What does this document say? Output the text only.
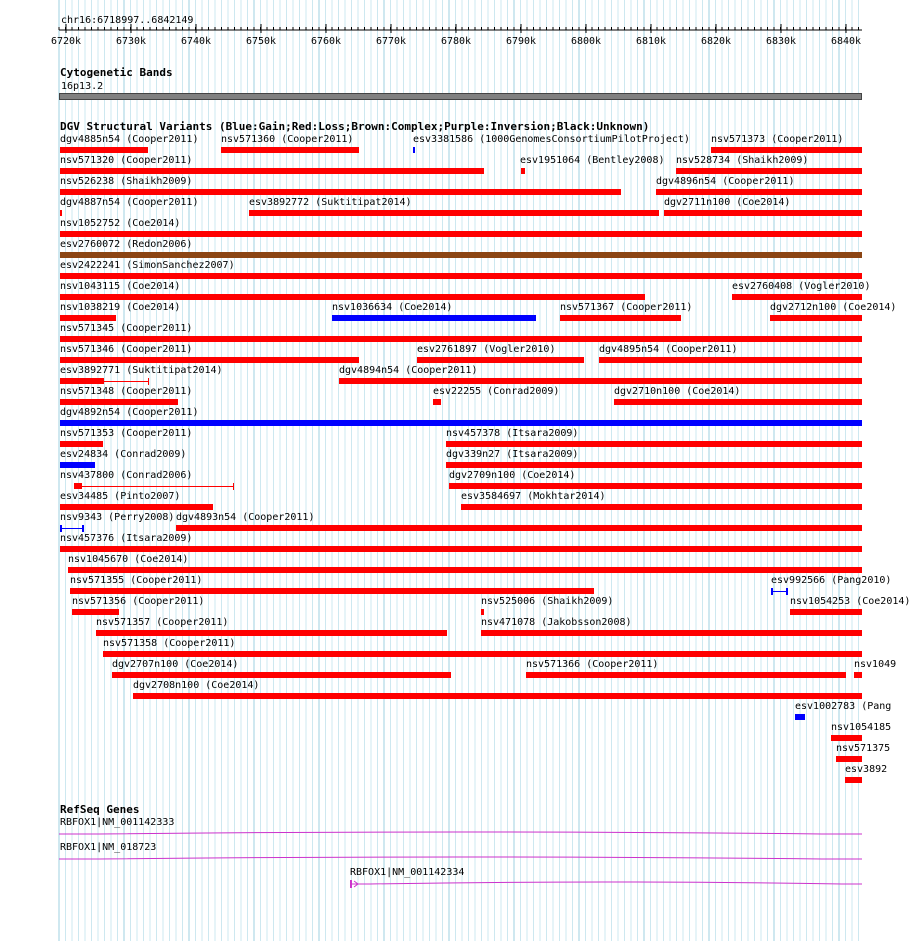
6720k	6730k	6740k	6750k	6760k	6770k	6780k	6790k	6800k	6810k	6820k	6830k	6840k
chr16:6718997..6842149
Cytogenetic Bands
16p13.2
DGV Structural Variants (Blue:Gain;Red:Loss;Brown:Complex;Purple:Inversion;Black:Unknown)
dgv4885n54 (Cooper2011) nsv571360 (Cooper2011)	esv3381586 (1000GenomesConsortiumPilotProject) nsv571373 (Cooper2011)
nsv571320 (Cooper2011)	esv1951064 (Bentley2008) nsv528734 (Shaikh2009)
nsv526238 (Shaikh2009)	dgv4896n54 (Cooper2011)
dgv4887n54 (Cooper2011)	esv3892772 (Suktitipat2014)	dgv2711n100 (Coe2014)
nsv1052752 (Coe2014)
esv2760072 (Redon2006)
esv2422241 (SimonSanchez2007)
nsv1043115 (Coe2014)	esv2760408 (Vogler2010)
nsv1038219 (Coe2014)	nsv1036634 (Coe2014)	nsv571367 (Cooper2011)	dgv2712n100 (Coe2014)
nsv571345 (Cooper2011)
nsv571346 (Cooper2011)	esv2761897 (Vogler2010)	dgv4895n54 (Cooper2011)
esv3892771 (Suktitipat2014)	dgv4894n54 (Cooper2011)
nsv571348 (Cooper2011)	esv22255 (Conrad2009)	dgv2710n100 (Coe2014)
dgv4892n54 (Cooper2011)
nsv571353 (Cooper2011)	nsv457378 (Itsara2009)
esv24834 (Conrad2009)	dgv339n27 (Itsara2009)
nsv437800 (Conrad2006)	dgv2709n100 (Coe2014)
esv34485 (Pinto2007)	esv3584697 (Mokhtar2014)
nsv9343 (Perry2008) dgv4893n54 (Cooper2011)
nsv457376 (Itsara2009)
nsv1045670 (Coe2014)
nsv571355 (Cooper2011)	esv992566 (Pang2010)
nsv571356 (Cooper2011)	nsv525006 (Shaikh2009)	nsv1054253 (Coe2014)
nsv571357 (Cooper2011)	nsv471078 (Jakobsson2008)
nsv571358 (Cooper2011)
dgv2707n100 (Coe2014)	nsv571366 (Cooper2011)	nsv1049
dgv2708n100 (Coe2014)
esv1002783 (Pang
nsv1054185
nsv571375
esv3892
RefSeq Genes
RBFOX1|NM_001142333
RBFOX1|NM_018723
RBFOX1|NM_001142334
